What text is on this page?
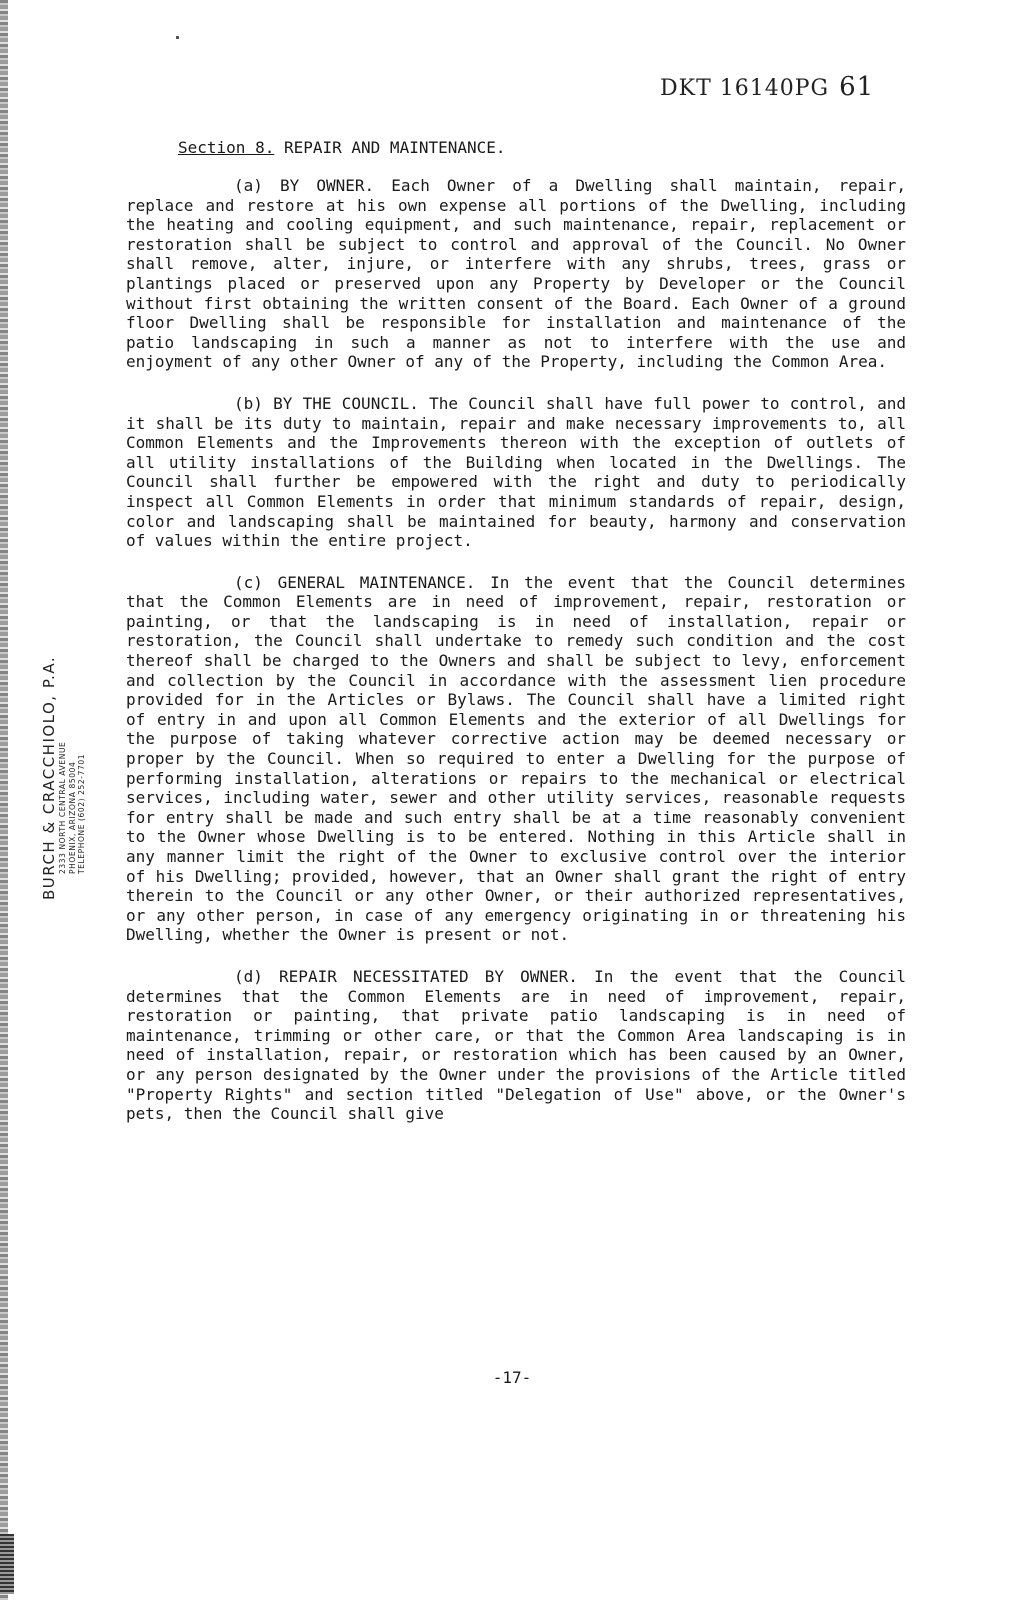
DKT 16140PG 61
BURCH & CRACCHIOLO, P.A. 2333 NORTH CENTRAL AVENUE PHOENIX, ARIZONA 85004 TELEPHONE (602) 252-7701
Section 8. REPAIR AND MAINTENANCE.

(a) BY OWNER. Each Owner of a Dwelling shall maintain, repair, replace and restore at his own expense all portions of the Dwelling, including the heating and cooling equipment, and such maintenance, repair, replacement or restoration shall be subject to control and approval of the Council. No Owner shall remove, alter, injure, or interfere with any shrubs, trees, grass or plantings placed or preserved upon any Property by Developer or the Council without first obtaining the written consent of the Board. Each Owner of a ground floor Dwelling shall be responsible for installation and maintenance of the patio landscaping in such a manner as not to interfere with the use and enjoyment of any other Owner of any of the Property, including the Common Area.

(b) BY THE COUNCIL. The Council shall have full power to control, and it shall be its duty to maintain, repair and make necessary improvements to, all Common Elements and the Improvements thereon with the exception of outlets of all utility installations of the Building when located in the Dwellings. The Council shall further be empowered with the right and duty to periodically inspect all Common Elements in order that minimum standards of repair, design, color and landscaping shall be maintained for beauty, harmony and conservation of values within the entire project.

(c) GENERAL MAINTENANCE. In the event that the Council determines that the Common Elements are in need of improvement, repair, restoration or painting, or that the landscaping is in need of installation, repair or restoration, the Council shall undertake to remedy such condition and the cost thereof shall be charged to the Owners and shall be subject to levy, enforcement and collection by the Council in accordance with the assessment lien procedure provided for in the Articles or Bylaws. The Council shall have a limited right of entry in and upon all Common Elements and the exterior of all Dwellings for the purpose of taking whatever corrective action may be deemed necessary or proper by the Council. When so required to enter a Dwelling for the purpose of performing installation, alterations or repairs to the mechanical or electrical services, including water, sewer and other utility services, reasonable requests for entry shall be made and such entry shall be at a time reasonably convenient to the Owner whose Dwelling is to be entered. Nothing in this Article shall in any manner limit the right of the Owner to exclusive control over the interior of his Dwelling; provided, however, that an Owner shall grant the right of entry therein to the Council or any other Owner, or their authorized representatives, or any other person, in case of any emergency originating in or threatening his Dwelling, whether the Owner is present or not.

(d) REPAIR NECESSITATED BY OWNER. In the event that the Council determines that the Common Elements are in need of improvement, repair, restoration or painting, that private patio landscaping is in need of maintenance, trimming or other care, or that the Common Area landscaping is in need of installation, repair, or restoration which has been caused by an Owner, or any person designated by the Owner under the provisions of the Article titled "Property Rights" and section titled "Delegation of Use" above, or the Owner's pets, then the Council shall give

-17-
